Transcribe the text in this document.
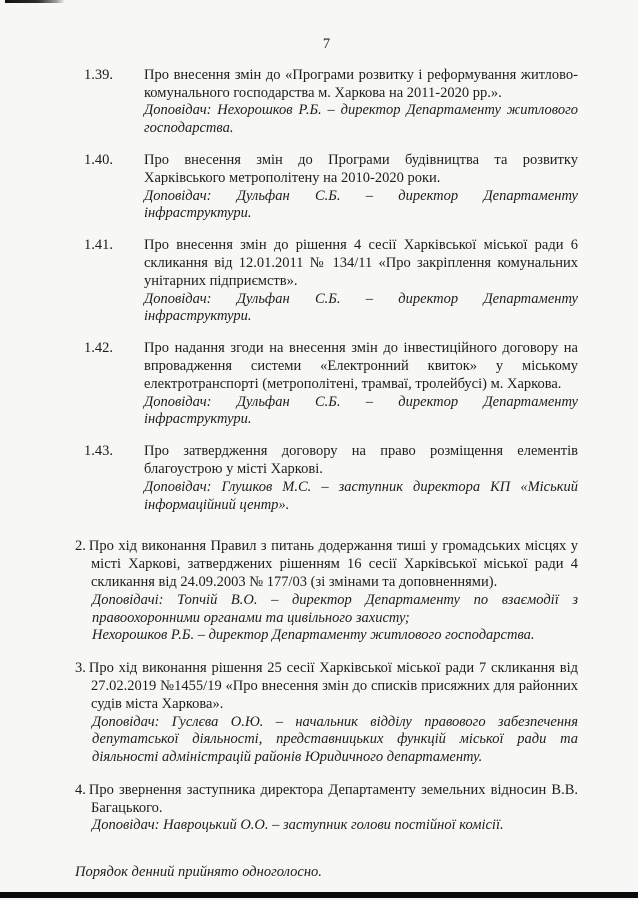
7
1.39.	Про внесення змін до «Програми розвитку і реформування житлово-комунального господарства м. Харкова на 2011-2020 рр.».
Доповідач: Нехорошков Р.Б. – директор Департаменту житлового господарства.
1.40.	Про внесення змін до Програми будівництва та розвитку Харківського метрополітену на 2010-2020 роки.
Доповідач: Дульфан С.Б. – директор Департаменту інфраструктури.
1.41.	Про внесення змін до рішення 4 сесії Харківської міської ради 6 скликання від 12.01.2011 № 134/11 «Про закріплення комунальних унітарних підприємств».
Доповідач: Дульфан С.Б. – директор Департаменту інфраструктури.
1.42.	Про надання згоди на внесення змін до інвестиційного договору на впровадження системи «Електронний квиток» у міському електротранспорті (метрополітені, трамваї, тролейбусі) м. Харкова.
Доповідач: Дульфан С.Б. – директор Департаменту інфраструктури.
1.43.	Про затвердження договору на право розміщення елементів благоустрою у місті Харкові.
Доповідач: Глушков М.С. – заступник директора КП «Міський інформаційний центр».
2. Про хід виконання Правил з питань додержання тиші у громадських місцях у місті Харкові, затверджених рішенням 16 сесії Харківської міської ради 4 скликання від 24.09.2003 № 177/03 (зі змінами та доповненнями).
Доповідачі: Топчій В.О. – директор Департаменту по взаємодії з правоохоронними органами та цивільного захисту;
Нехорошков Р.Б. – директор Департаменту житлового господарства.
3. Про хід виконання рішення 25 сесії Харківської міської ради 7 скликання від 27.02.2019 №1455/19 «Про внесення змін до списків присяжних для районних судів міста Харкова».
Доповідач: Гуслєва О.Ю. – начальник відділу правового забезпечення депутатської діяльності, представницьких функцій міської ради та діяльності адміністрацій районів Юридичного департаменту.
4. Про звернення заступника директора Департаменту земельних відносин В.В. Багацького.
Доповідач: Навроцький О.О. – заступник голови постійної комісії.
Порядок денний прийнято одноголосно.
